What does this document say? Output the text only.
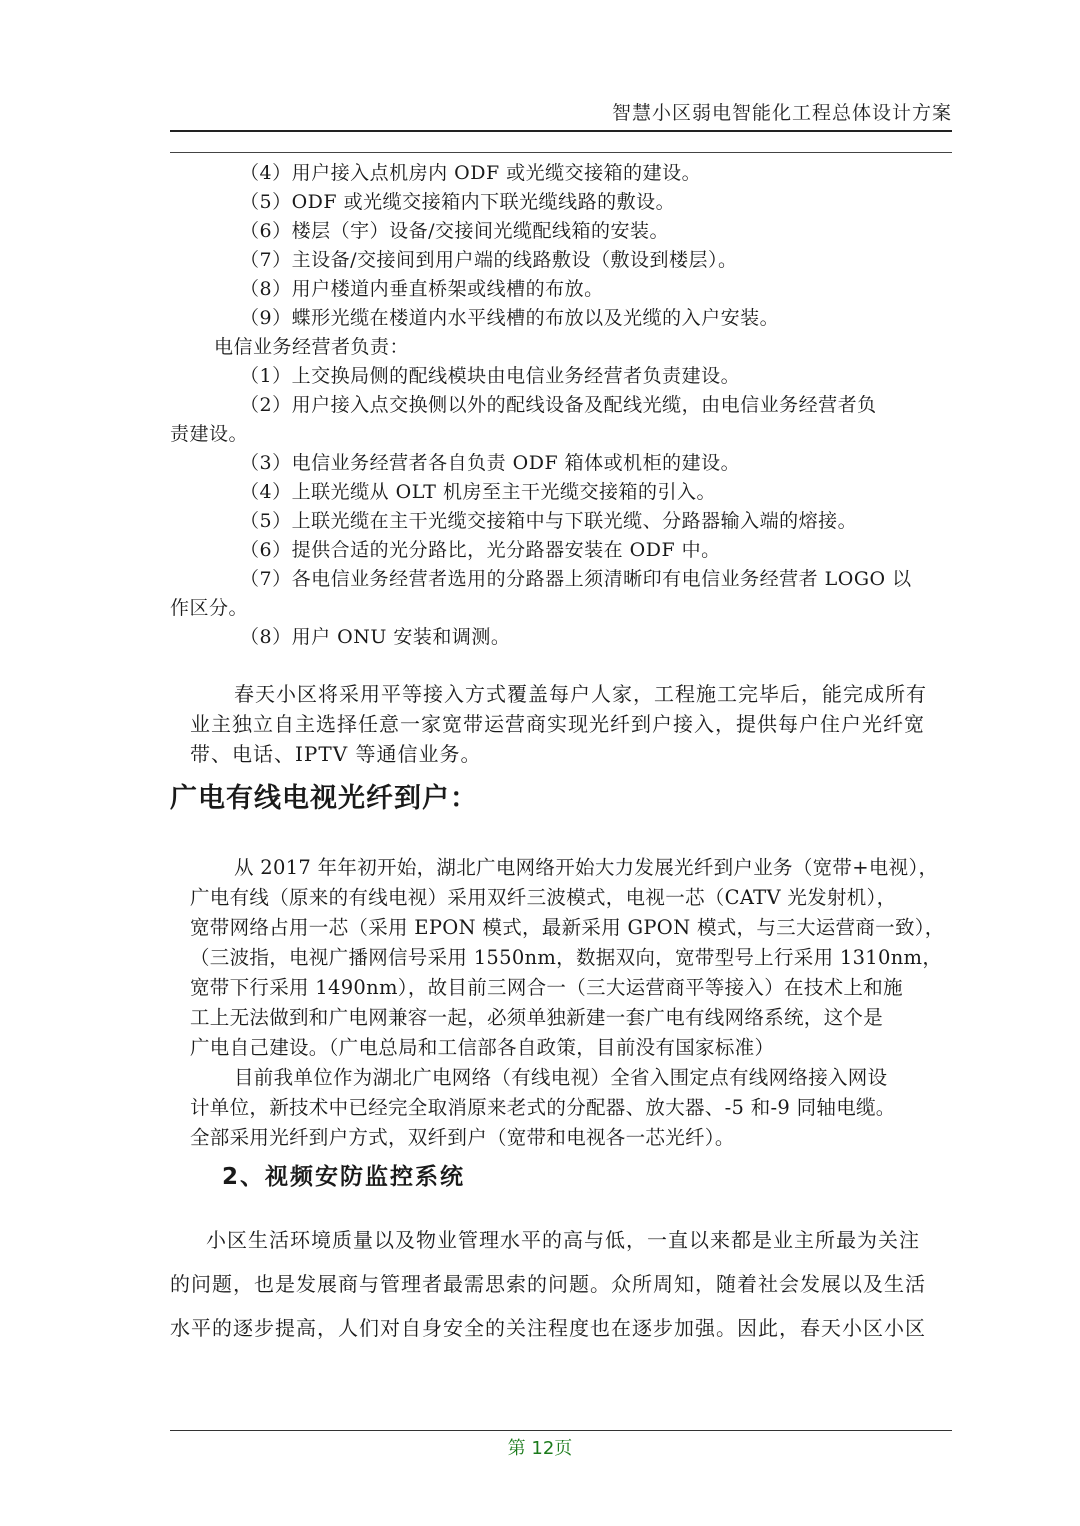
智慧小区弱电智能化工程总体设计方案
（4）用户接入点机房内 ODF 或光缆交接箱的建设。
（5）ODF 或光缆交接箱内下联光缆线路的敷设。
（6）楼层（宇）设备/交接间光缆配线箱的安装。
（7）主设备/交接间到用户端的线路敷设（敷设到楼层）。
（8）用户楼道内垂直桥架或线槽的布放。
（9）蝶形光缆在楼道内水平线槽的布放以及光缆的入户安装。
电信业务经营者负责：
（1）上交换局侧的配线模块由电信业务经营者负责建设。
（2）用户接入点交换侧以外的配线设备及配线光缆，由电信业务经营者负
责建设。
（3）电信业务经营者各自负责 ODF 箱体或机柜的建设。
（4）上联光缆从 OLT 机房至主干光缆交接箱的引入。
（5）上联光缆在主干光缆交接箱中与下联光缆、分路器输入端的熔接。
（6）提供合适的光分路比，光分路器安装在 ODF 中。
（7）各电信业务经营者选用的分路器上须清晰印有电信业务经营者 LOGO 以
作区分。
（8）用户 ONU 安装和调测。
春天小区将采用平等接入方式覆盖每户人家，工程施工完毕后，能完成所有
业主独立自主选择任意一家宽带运营商实现光纤到户接入，提供每户住户光纤宽
带、电话、IPTV 等通信业务。
广电有线电视光纤到户：
从 2017 年年初开始，湖北广电网络开始大力发展光纤到户业务（宽带+电视），
广电有线（原来的有线电视）采用双纤三波模式，电视一芯（CATV 光发射机），
宽带网络占用一芯（采用 EPON 模式，最新采用 GPON 模式，与三大运营商一致），
（三波指，电视广播网信号采用 1550nm，数据双向，宽带型号上行采用 1310nm，
宽带下行采用 1490nm），故目前三网合一（三大运营商平等接入）在技术上和施
工上无法做到和广电网兼容一起，必须单独新建一套广电有线网络系统，这个是
广电自己建设。（广电总局和工信部各自政策，目前没有国家标准）
目前我单位作为湖北广电网络（有线电视）全省入围定点有线网络接入网设
计单位，新技术中已经完全取消原来老式的分配器、放大器、-5 和-9 同轴电缆。
全部采用光纤到户方式，双纤到户（宽带和电视各一芯光纤）。
2、视频安防监控系统
小区生活环境质量以及物业管理水平的高与低，一直以来都是业主所最为关注
的问题，也是发展商与管理者最需思索的问题。众所周知，随着社会发展以及生活
水平的逐步提高，人们对自身安全的关注程度也在逐步加强。因此，春天小区小区
第 12页
